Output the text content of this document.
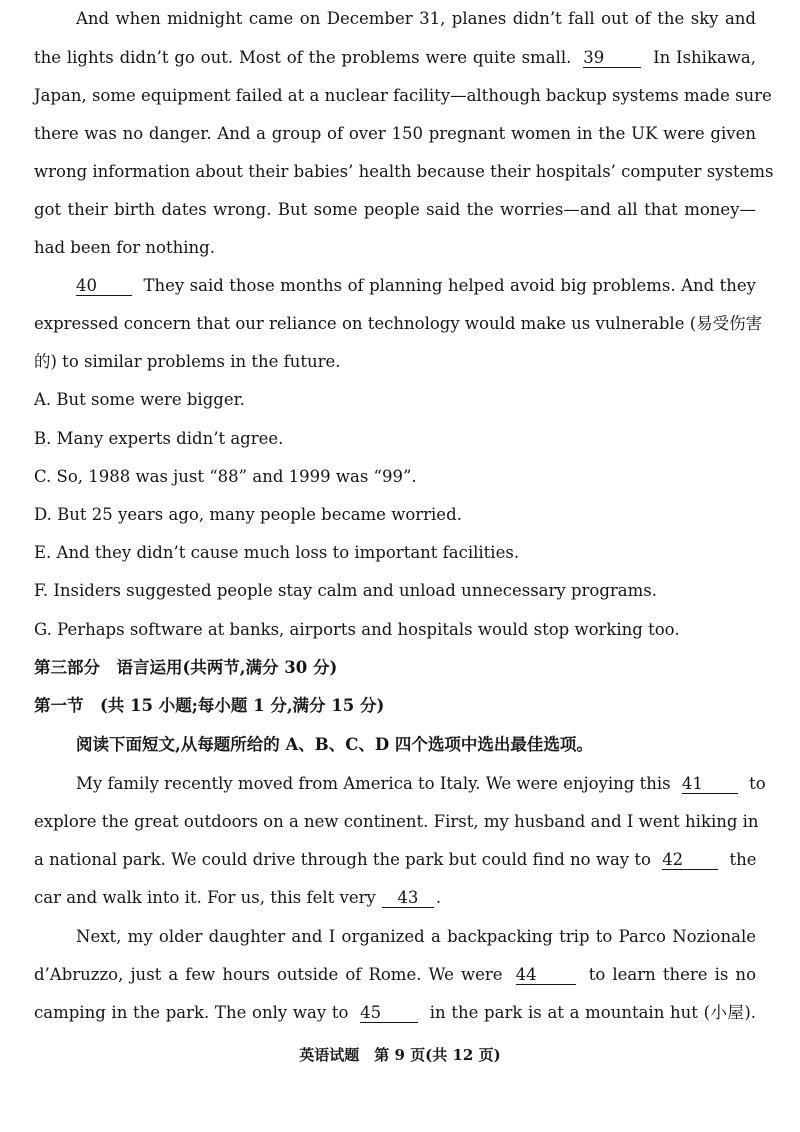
And when midnight came on December 31, planes didn’t fall out of the sky and
the lights didn’t go out. Most of the problems were quite small. 39	In Ishikawa,
Japan, some equipment failed at a nuclear facility—although backup systems made sure
there was no danger. And a group of over 150 pregnant women in the UK were given
wrong information about their babies’ health because their hospitals’ computer systems
got their birth dates wrong. But some people said the worries—and all that money—
had been for nothing.
40	They said those months of planning helped avoid big problems. And they
expressed concern that our reliance on technology would make us vulnerable (易受伤害
的) to similar problems in the future.
A. But some were bigger.
B. Many experts didn’t agree.
C. So, 1988 was just “88” and 1999 was “99”.
D. But 25 years ago, many people became worried.
E. And they didn’t cause much loss to important facilities.
F. Insiders suggested people stay calm and unload unnecessary programs.
G. Perhaps software at banks, airports and hospitals would stop working too.
第三部分　语言运用(共两节,满分 30 分)
第一节　(共 15 小题;每小题 1 分,满分 15 分)
阅读下面短文,从每题所给的 A、B、C、D 四个选项中选出最佳选项。
My family recently moved from America to Italy. We were enjoying this 41	to
explore the great outdoors on a new continent. First, my husband and I went hiking in
a national park. We could drive through the park but could find no way to 42	the
car and walk into it. For us, this felt very 43 .
Next, my older daughter and I organized a backpacking trip to Parco Nozionale
d’Abruzzo, just a few hours outside of Rome. We were 44	to learn there is no
camping in the park. The only way to 45	in the park is at a mountain hut (小屋).
英语试题　第 9 页(共 12 页)
